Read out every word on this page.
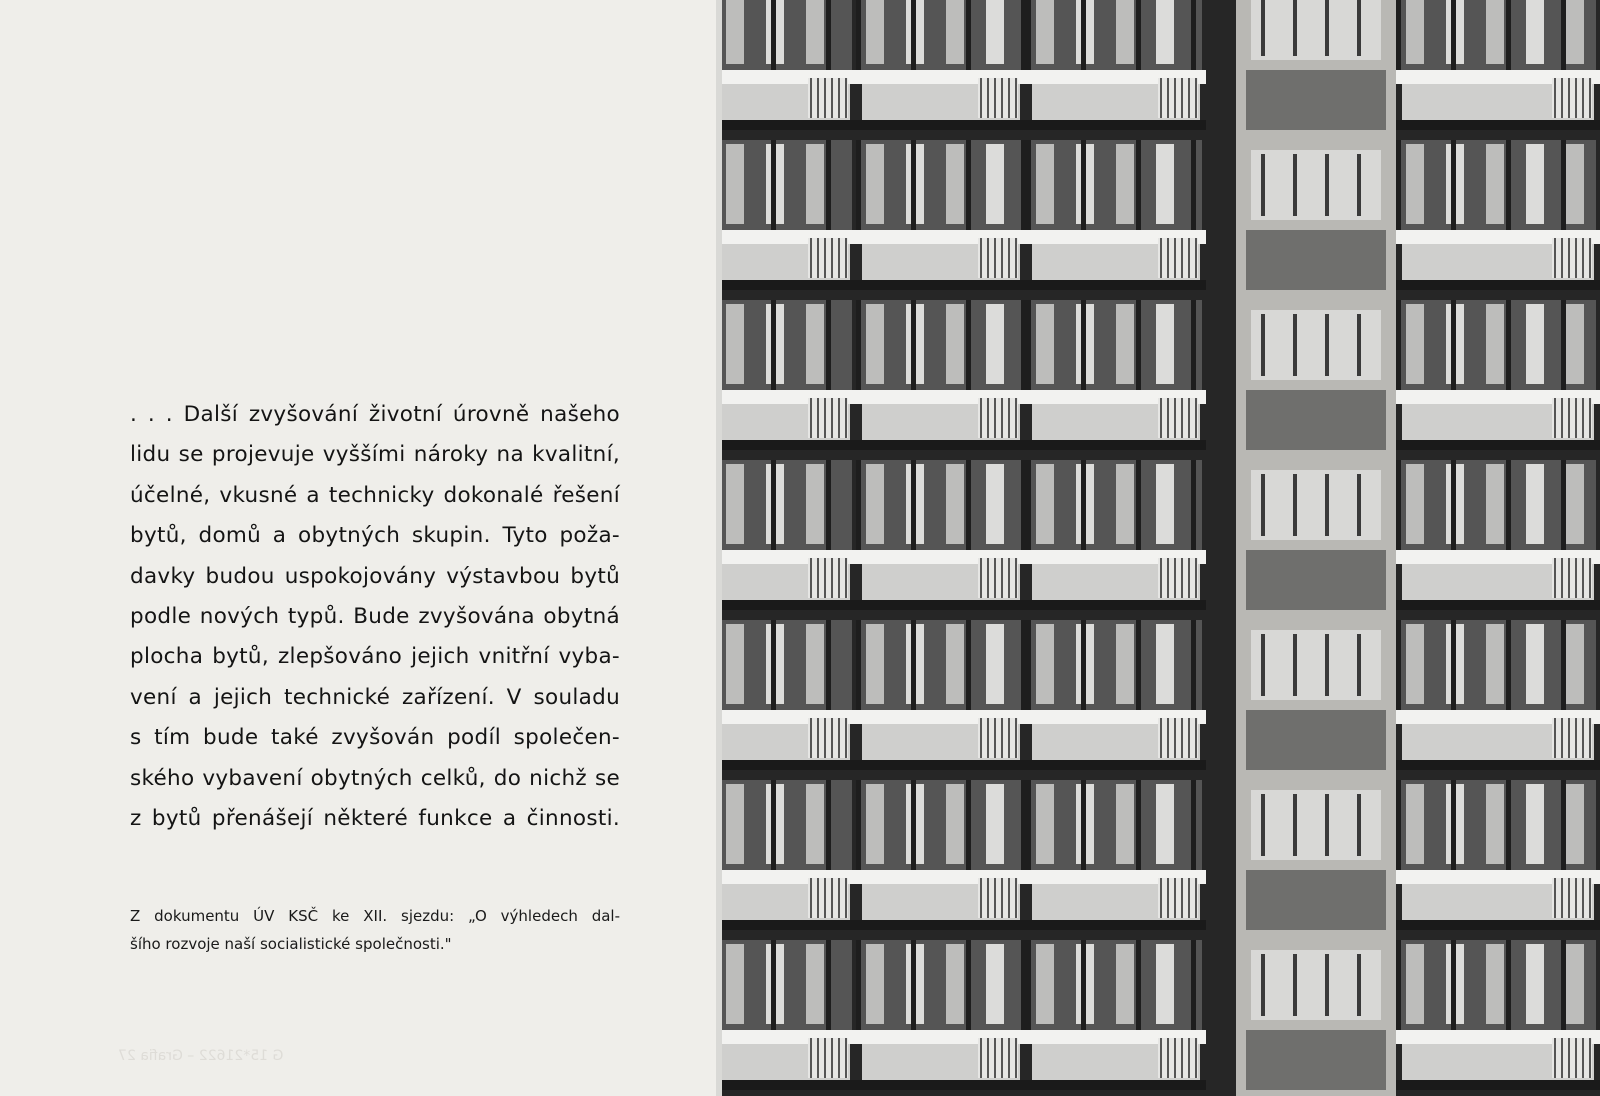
. . . Další zvyšování životní úrovně našeho
lidu se projevuje vyššími nároky na kvalitní,
účelné, vkusné a technicky dokonalé řešení
bytů, domů a obytných skupin. Tyto poža-
davky budou uspokojovány výstavbou bytů
podle nových typů. Bude zvyšována obytná
plocha bytů, zlepšováno jejich vnitřní vyba-
vení a jejich technické zařízení. V souladu
s tím bude také zvyšován podíl společen-
ského vybavení obytných celků, do nichž se
z bytů přenášejí některé funkce a činnosti.

Z dokumentu ÚV KSČ ke XII. sjezdu: „O výhledech dal-
šího rozvoje naší socialistické společnosti."

G 15*21622 – Grafia 27
